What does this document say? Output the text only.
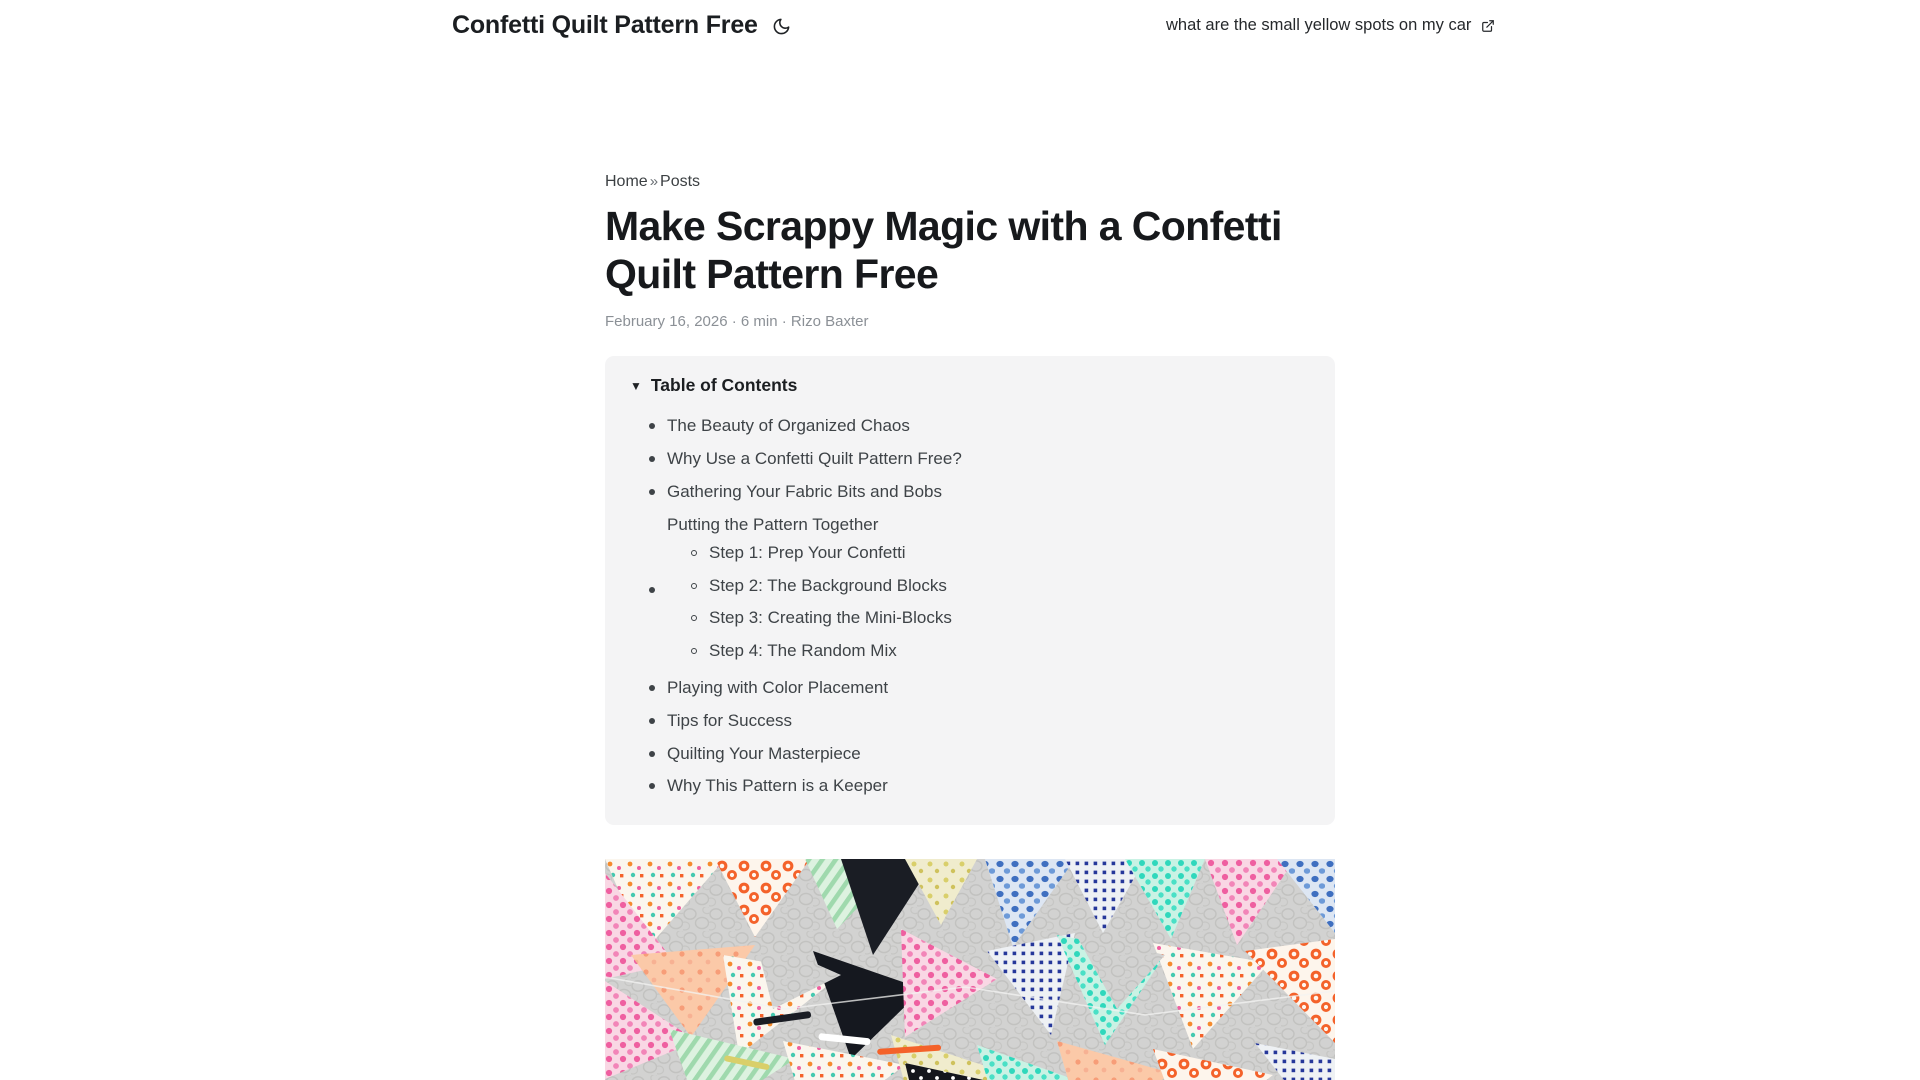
Confetti Quilt Pattern Free	what are the small yellow spots on my car
Home » Posts
Make Scrappy Magic with a Confetti Quilt Pattern Free
February 16, 2026 · 6 min · Rizo Baxter
▼ Table of Contents
The Beauty of Organized Chaos
Why Use a Confetti Quilt Pattern Free?
Gathering Your Fabric Bits and Bobs
Putting the Pattern Together
Step 1: Prep Your Confetti
Step 2: The Background Blocks
Step 3: Creating the Mini-Blocks
Step 4: The Random Mix
Playing with Color Placement
Tips for Success
Quilting Your Masterpiece
Why This Pattern is a Keeper
